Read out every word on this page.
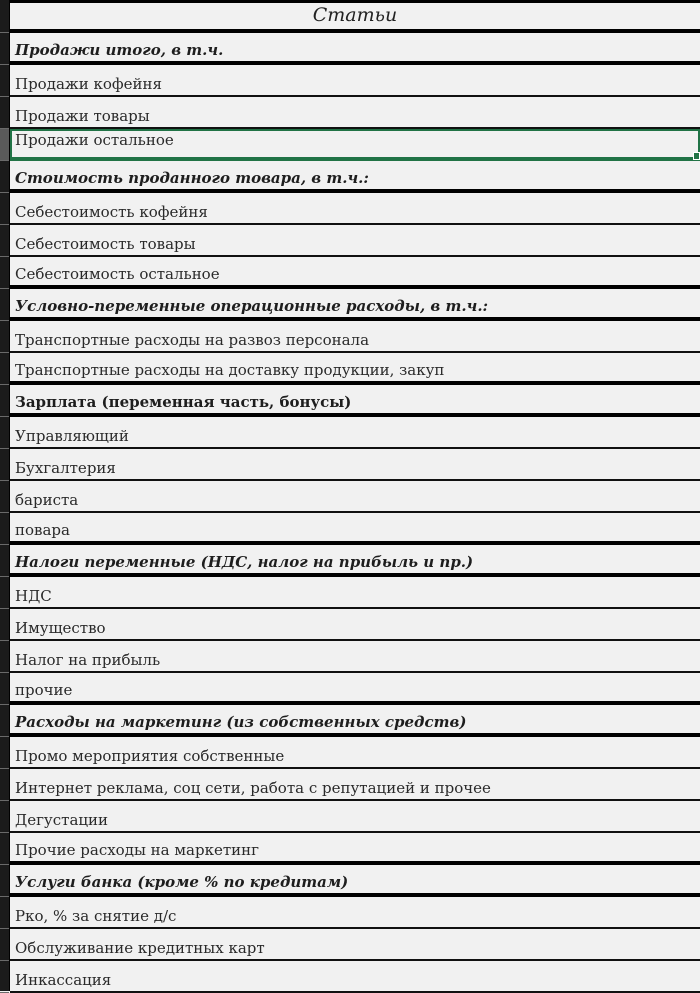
Статьи
Продажи итого, в т.ч.
Продажи кофейня
Продажи товары
Продажи остальное
Стоимость проданного товара, в т.ч.:
Себестоимость кофейня
Себестоимость товары
Себестоимость остальное
Условно-переменные операционные расходы, в т.ч.:
Транспортные расходы на развоз персонала
Транспортные расходы на доставку продукции, закуп
Зарплата (переменная часть, бонусы)
Управляющий
Бухгалтерия
бариста
повара
Налоги переменные (НДС, налог на прибыль и пр.)
НДС
Имущество
Налог на прибыль
прочие
Расходы на маркетинг (из собственных средств)
Промо мероприятия собственные
Интернет реклама, соц сети, работа с репутацией и прочее
Дегустации
Прочие расходы на маркетинг
Услуги банка (кроме % по кредитам)
Рко, % за снятие д/с
Обслуживание кредитных карт
Инкассация
